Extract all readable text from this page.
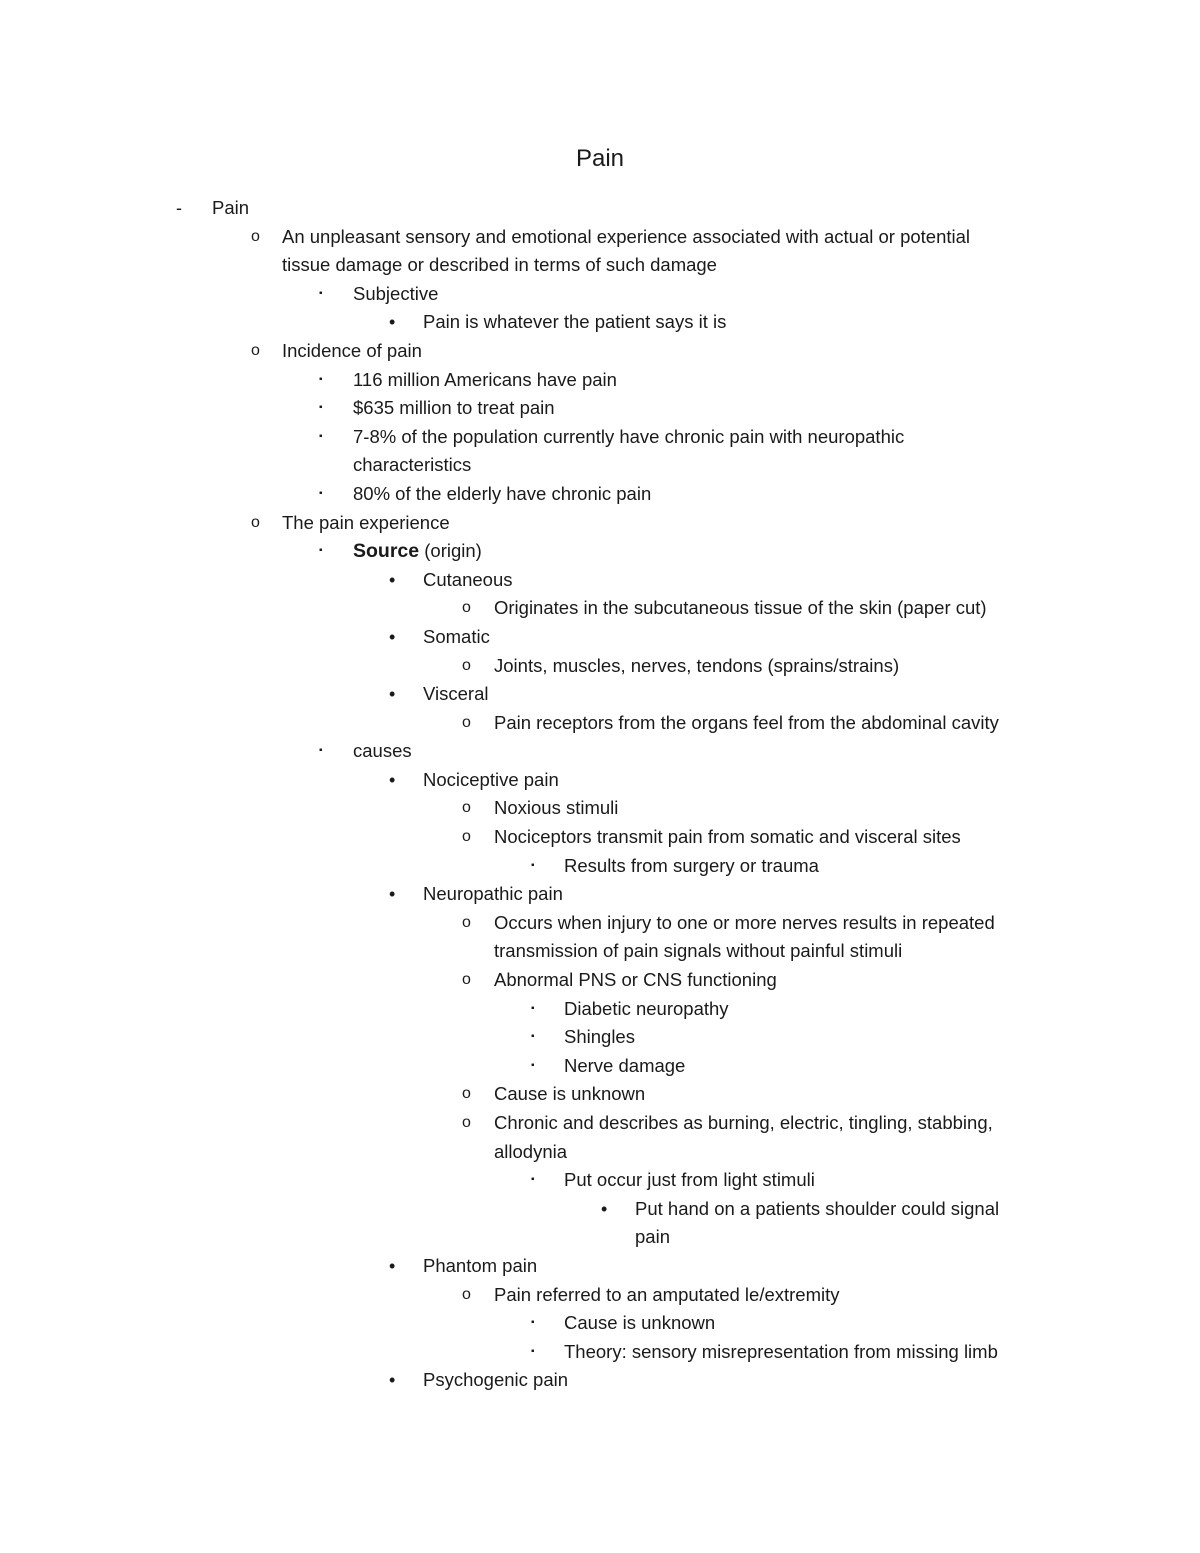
Pain
- Pain
o An unpleasant sensory and emotional experience associated with actual or potential
tissue damage or described in terms of such damage
▪ Subjective
• Pain is whatever the patient says it is
o Incidence of pain
▪ 116 million Americans have pain
▪ $635 million to treat pain
▪ 7-8% of the population currently have chronic pain with neuropathic
characteristics
▪ 80% of the elderly have chronic pain
o The pain experience
▪ Source (origin)
• Cutaneous
o Originates in the subcutaneous tissue of the skin (paper cut)
• Somatic
o Joints, muscles, nerves, tendons (sprains/strains)
• Visceral
o Pain receptors from the organs feel from the abdominal cavity
▪ causes
• Nociceptive pain
o Noxious stimuli
o Nociceptors transmit pain from somatic and visceral sites
▪ Results from surgery or trauma
• Neuropathic pain
o Occurs when injury to one or more nerves results in repeated
transmission of pain signals without painful stimuli
o Abnormal PNS or CNS functioning
▪ Diabetic neuropathy
▪ Shingles
▪ Nerve damage
o Cause is unknown
o Chronic and describes as burning, electric, tingling, stabbing,
allodynia
▪ Put occur just from light stimuli
• Put hand on a patients shoulder could signal
pain
• Phantom pain
o Pain referred to an amputated le/extremity
▪ Cause is unknown
▪ Theory: sensory misrepresentation from missing limb
• Psychogenic pain
